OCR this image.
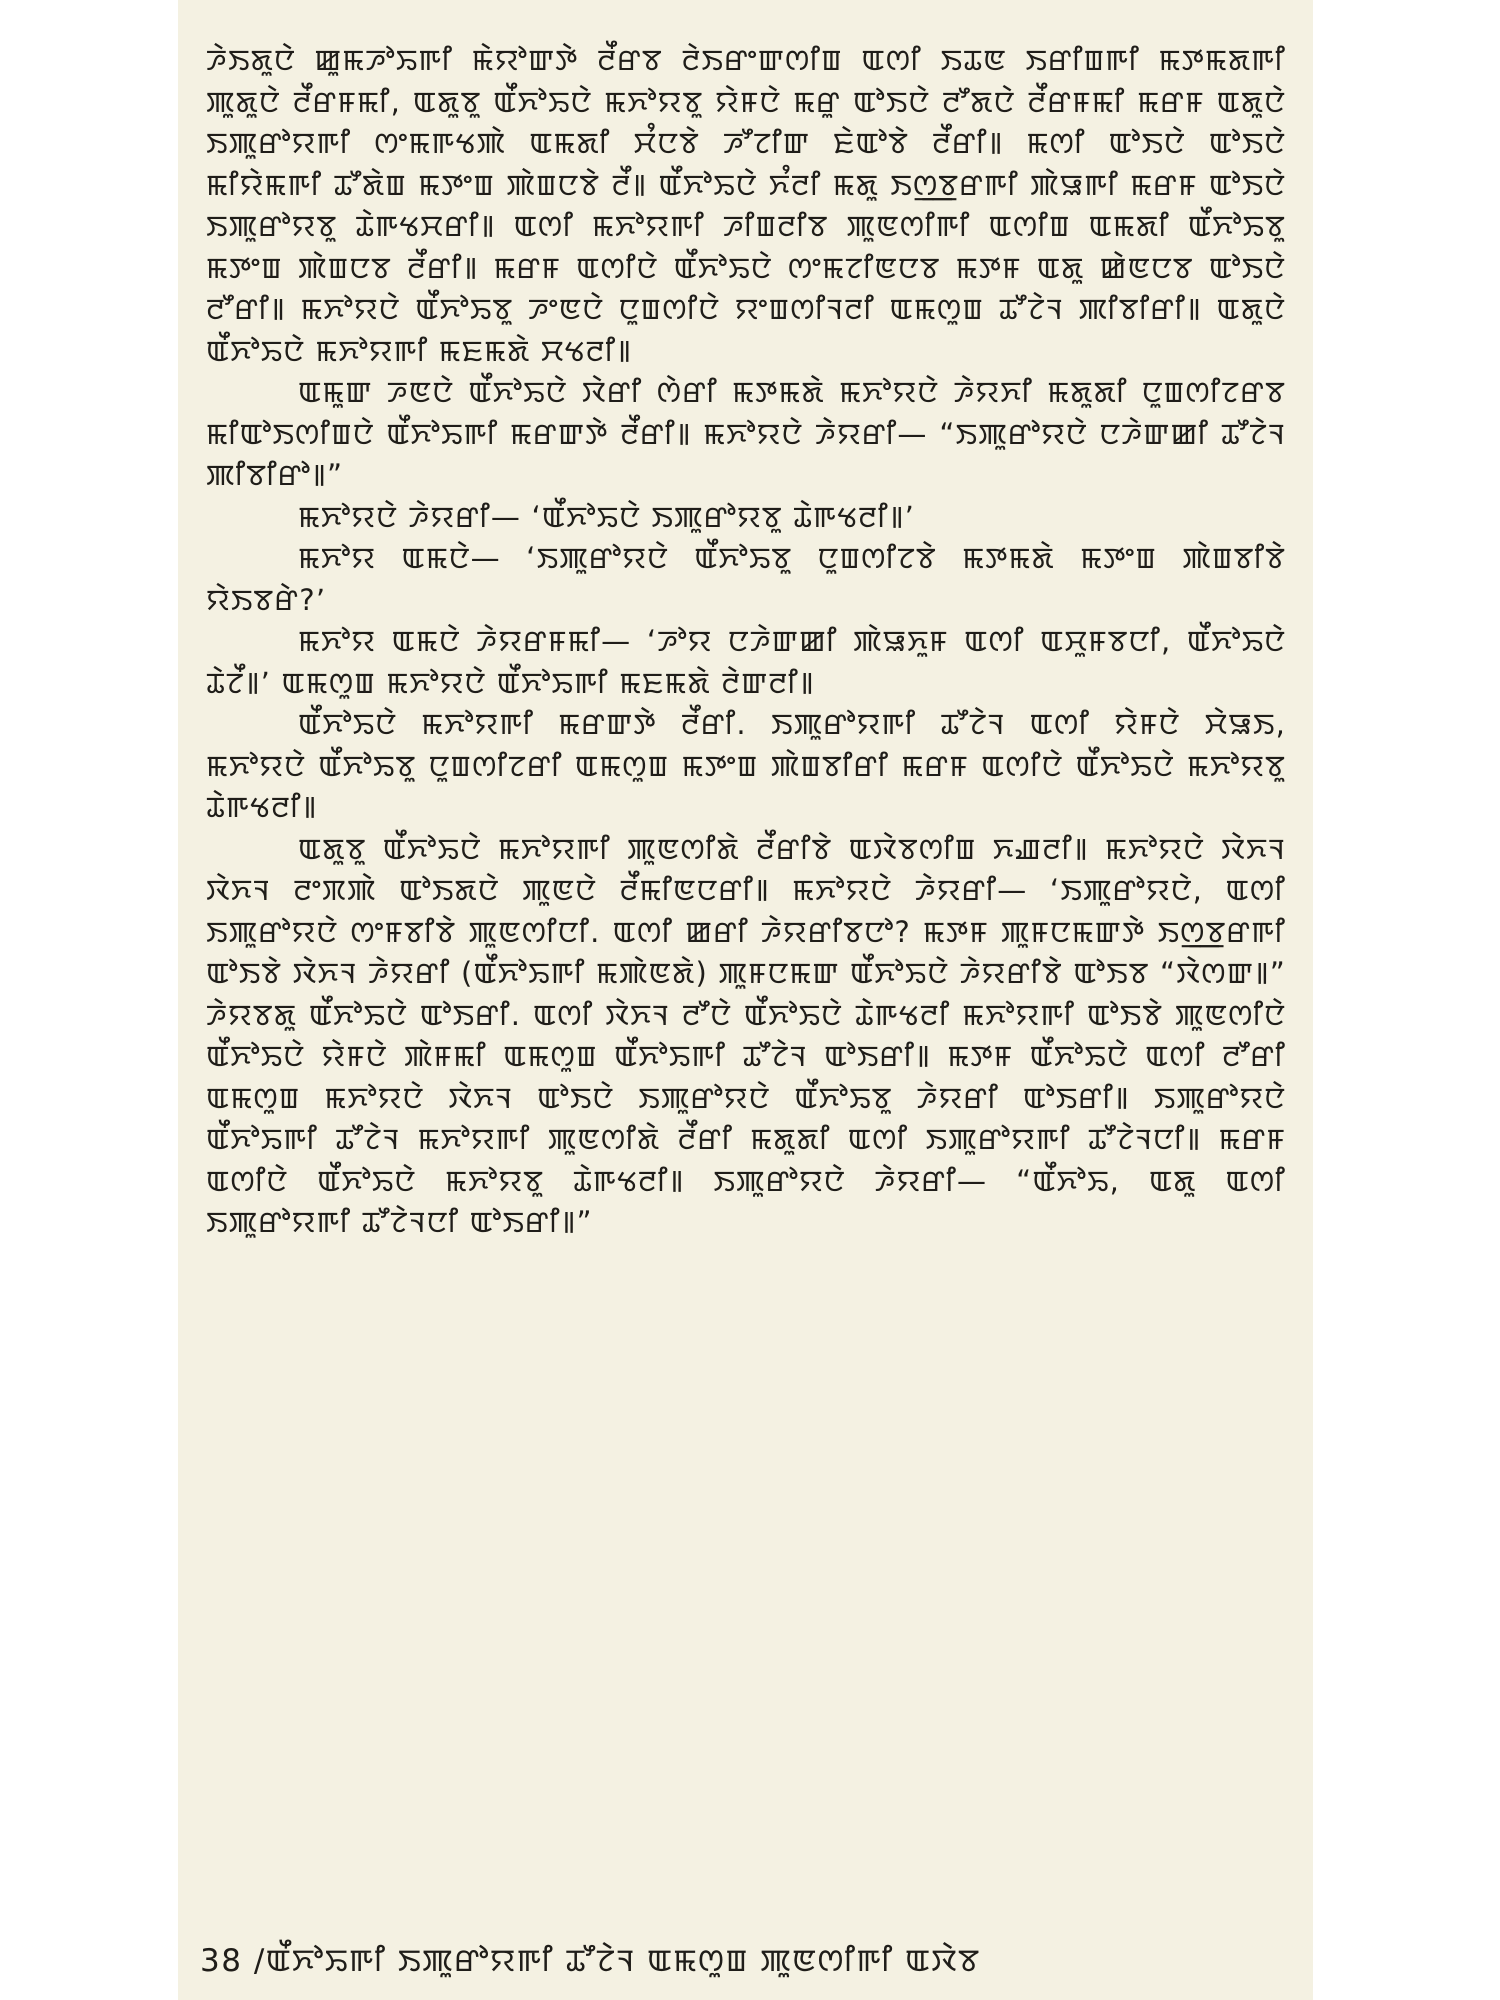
ꯍꯥꯏꯗꯨꯅꯥ ꯀꯨꯃꯍꯣꯢꯒꯤ ꯃꯥꯌꯣꯛꯇꯥ ꯂꯩꯔꯕ ꯂꯥꯏꯔꯦꯛꯁꯤꯡ ꯑꯁꯤ ꯏꯊꯟ ꯏꯔꯤꯡꯒꯤ ꯃꯇꯃꯗꯒꯤ ꯄꯨꯗꯨꯅꯥ ꯂꯩꯔꯝꯃꯤ, ꯑꯗꯨꯕꯨ ꯑꯩꯈꯣꯢꯅꯥ ꯃꯈꯣꯌꯕꯨ ꯌꯥꯝꯅꯥ ꯃꯔꯨ ꯑꯣꯏꯅꯥ ꯂꯧꯗꯅꯥ ꯂꯩꯔꯝꯃꯤ ꯃꯔꯝ ꯑꯗꯨꯅꯥ ꯏꯄꯨꯔꯣꯌꯒꯤ ꯁꯦꯃꯒꯠꯄꯥ ꯑꯃꯗꯤ ꯆꯪꯅꯕꯥ ꯍꯧꯖꯤꯛ ꯐꯥꯑꯣꯕꯥ ꯂꯩꯔꯤ꯫ ꯃꯁꯤ ꯑꯣꯏꯅꯥ ꯑꯣꯏꯅꯥ ꯃꯤꯌꯥꯃꯒꯤ ꯊꯧꯗꯥꯡ ꯃꯇꯦꯡ ꯄꯥꯡꯅꯕꯥ ꯂꯩ꯫ ꯑꯩꯈꯣꯢꯅꯥ ꯈꯪꯂꯤ ꯃꯗꯨ ꯏꯁ꯭ꯕꯔꯒꯤ ꯄꯥꯎꯒꯤ ꯃꯔꯝ ꯑꯣꯏꯅꯥ ꯏꯄꯨꯔꯣꯌꯕꯨ ꯊꯥꯒꯠꯆꯔꯤ꯫ ꯑꯁꯤ ꯃꯈꯣꯌꯒꯤ ꯍꯤꯡꯂꯤꯕ ꯄꯨꯟꯁꯤꯒꯤ ꯑꯁꯤꯡ ꯑꯃꯗꯤ ꯑꯩꯈꯣꯢꯕꯨ ꯃꯇꯦꯡ ꯄꯥꯡꯅꯕ ꯂꯩꯔꯤ꯫ ꯃꯔꯝ ꯑꯁꯤꯅꯥ ꯑꯩꯈꯣꯢꯅꯥ ꯁꯦꯃꯖꯤꯟꯅꯕ ꯃꯇꯝ ꯑꯗꯨ ꯀꯥꯟꯅꯕ ꯑꯣꯏꯅꯥ ꯂꯧꯔꯤ꯫ ꯃꯈꯣꯌꯅꯥ ꯑꯩꯈꯣꯢꯕꯨ ꯍꯦꯟꯅꯥ ꯅꯨꯡꯁꯤꯅꯥ ꯌꯦꯡꯁꯤꯜꯂꯤ ꯑꯃꯁꯨꯡ ꯊꯧꯖꯥꯜ ꯄꯤꯕꯤꯔꯤ꯫ ꯑꯗꯨꯅꯥ ꯑꯩꯈꯣꯢꯅꯥ ꯃꯈꯣꯌꯒꯤ ꯃꯐꯃꯗꯥ ꯆꯠꯂꯤ꯫

ꯑꯃꯨꯛ ꯍꯟꯅꯥ ꯑꯩꯈꯣꯢꯅꯥ ꯋꯥꯔꯤ ꯁꯥꯔꯤ ꯃꯇꯃꯗꯥ ꯃꯈꯣꯌꯅꯥ ꯍꯥꯌꯈꯤ ꯃꯗꯨꯗꯤ ꯅꯨꯡꯁꯤꯖꯔꯕ ꯃꯤꯑꯣꯏꯁꯤꯡꯅꯥ ꯑꯩꯈꯣꯢꯒꯤ ꯃꯔꯛꯇꯥ ꯂꯩꯔꯤ꯫ ꯃꯈꯣꯌꯅꯥ ꯍꯥꯌꯔꯤ— “ꯏꯄꯨꯔꯣꯌꯅꯥ ꯅꯍꯥꯛꯀꯤ ꯊꯧꯖꯥꯜ ꯄꯤꯕꯤꯔꯣ꯫”

ꯃꯈꯣꯌꯅꯥ ꯍꯥꯌꯔꯤ— ‘ꯑꯩꯈꯣꯢꯅꯥ ꯏꯄꯨꯔꯣꯌꯕꯨ ꯊꯥꯒꯠꯂꯤ꯫’

ꯃꯈꯣꯌ ꯑꯃꯅꯥ— ‘ꯏꯄꯨꯔꯣꯌꯅꯥ ꯑꯩꯈꯣꯢꯕꯨ ꯅꯨꯡꯁꯤꯖꯕꯥ ꯃꯇꯃꯗꯥ ꯃꯇꯦꯡ ꯄꯥꯡꯕꯤꯕꯥ ꯌꯥꯏꯕꯔꯥ?’

ꯃꯈꯣꯌ ꯑꯃꯅꯥ ꯍꯥꯌꯔꯝꯃꯤ— ‘ꯍꯣꯌ ꯅꯍꯥꯛꯀꯤ ꯄꯥꯎꯈꯨꯝ ꯑꯁꯤ ꯑꯆꯨꯝꯕꯅꯤ, ꯑꯩꯈꯣꯢꯅꯥ ꯊꯥꯖꯩ꯫’ ꯑꯃꯁꯨꯡ ꯃꯈꯣꯌꯅꯥ ꯑꯩꯈꯣꯢꯒꯤ ꯃꯐꯃꯗꯥ ꯂꯥꯛꯂꯤ꯫

ꯑꯩꯈꯣꯢꯅꯥ ꯃꯈꯣꯌꯒꯤ ꯃꯔꯛꯇꯥ ꯂꯩꯔꯤ. ꯏꯄꯨꯔꯣꯌꯒꯤ ꯊꯧꯖꯥꯜ ꯑꯁꯤ ꯌꯥꯝꯅꯥ ꯆꯥꯎꯏ, ꯃꯈꯣꯌꯅꯥ ꯑꯩꯈꯣꯢꯕꯨ ꯅꯨꯡꯁꯤꯖꯔꯤ ꯑꯃꯁꯨꯡ ꯃꯇꯦꯡ ꯄꯥꯡꯕꯤꯔꯤ ꯃꯔꯝ ꯑꯁꯤꯅꯥ ꯑꯩꯈꯣꯢꯅꯥ ꯃꯈꯣꯌꯕꯨ ꯊꯥꯒꯠꯂꯤ꯫

ꯑꯗꯨꯕꯨ ꯑꯩꯈꯣꯢꯅꯥ ꯃꯈꯣꯌꯒꯤ ꯄꯨꯟꯁꯤꯗꯥ ꯂꯩꯔꯤꯕꯥ ꯑꯋꯥꯕꯁꯤꯡ ꯈꯉꯂꯤ꯫ ꯃꯈꯣꯌꯅꯥ ꯋꯥꯈꯜ ꯋꯥꯈꯜ ꯂꯦꯞꯄꯥ ꯑꯣꯏꯗꯅꯥ ꯄꯨꯟꯅꯥ ꯂꯩꯃꯤꯟꯅꯔꯤ꯫ ꯃꯈꯣꯌꯅꯥ ꯍꯥꯌꯔꯤ— ‘ꯏꯄꯨꯔꯣꯌꯅꯥ, ꯑꯁꯤ ꯏꯄꯨꯔꯣꯌꯅꯥ ꯁꯦꯝꯕꯤꯕꯥ ꯄꯨꯟꯁꯤꯅꯤ. ꯑꯁꯤ ꯀꯔꯤ ꯍꯥꯌꯔꯤꯕꯅꯣ? ꯃꯇꯝ ꯄꯨꯝꯅꯃꯛꯇꯥ ꯏꯁ꯭ꯕꯔꯒꯤ ꯑꯣꯏꯕꯥ ꯋꯥꯈꯜ ꯍꯥꯌꯔꯤ (ꯑꯩꯈꯣꯢꯒꯤ ꯃꯄꯥꯟꯗꯥ) ꯄꯨꯝꯅꯃꯛ ꯑꯩꯈꯣꯢꯅꯥ ꯍꯥꯌꯔꯤꯕꯥ ꯑꯣꯏꯕ “ꯋꯥꯁꯛ꯫” ꯍꯥꯌꯕꯗꯨ ꯑꯩꯈꯣꯢꯅꯥ ꯑꯣꯏꯔꯤ. ꯑꯁꯤ ꯋꯥꯈꯜ ꯂꯧꯅꯥ ꯑꯩꯈꯣꯢꯅꯥ ꯊꯥꯒꯠꯂꯤ ꯃꯈꯣꯌꯒꯤ ꯑꯣꯏꯕꯥ ꯄꯨꯟꯁꯤꯅꯥ ꯑꯩꯈꯣꯢꯅꯥ ꯌꯥꯝꯅꯥ ꯄꯥꯝꯃꯤ ꯑꯃꯁꯨꯡ ꯑꯩꯈꯣꯢꯒꯤ ꯊꯧꯖꯥꯜ ꯑꯣꯏꯔꯤ꯫ ꯃꯇꯝ ꯑꯩꯈꯣꯢꯅꯥ ꯑꯁꯤ ꯂꯧꯔꯤ ꯑꯃꯁꯨꯡ ꯃꯈꯣꯌꯅꯥ ꯋꯥꯈꯜ ꯑꯣꯏꯅꯥ ꯏꯄꯨꯔꯣꯌꯅꯥ ꯑꯩꯈꯣꯢꯕꯨ ꯍꯥꯌꯔꯤ ꯑꯣꯏꯔꯤ꯫ ꯏꯄꯨꯔꯣꯌꯅꯥ ꯑꯩꯈꯣꯢꯒꯤ ꯊꯧꯖꯥꯜ ꯃꯈꯣꯌꯒꯤ ꯄꯨꯟꯁꯤꯗꯥ ꯂꯩꯔꯤ ꯃꯗꯨꯗꯤ ꯑꯁꯤ ꯏꯄꯨꯔꯣꯌꯒꯤ ꯊꯧꯖꯥꯜꯅꯤ꯫ ꯃꯔꯝ ꯑꯁꯤꯅꯥ ꯑꯩꯈꯣꯢꯅꯥ ꯃꯈꯣꯌꯕꯨ ꯊꯥꯒꯠꯂꯤ꯫ ꯏꯄꯨꯔꯣꯌꯅꯥ ꯍꯥꯌꯔꯤ— “ꯑꯩꯈꯣꯢ, ꯑꯗꯨ ꯑꯁꯤ ꯏꯄꯨꯔꯣꯌꯒꯤ ꯊꯧꯖꯥꯜꯅꯤ ꯑꯣꯏꯔꯤ꯫”

38 /ꯑꯩꯈꯣꯢꯒꯤ ꯏꯄꯨꯔꯣꯌꯒꯤ ꯊꯧꯖꯥꯜ ꯑꯃꯁꯨꯡ ꯄꯨꯟꯁꯤꯒꯤ ꯑꯋꯥꯕ
